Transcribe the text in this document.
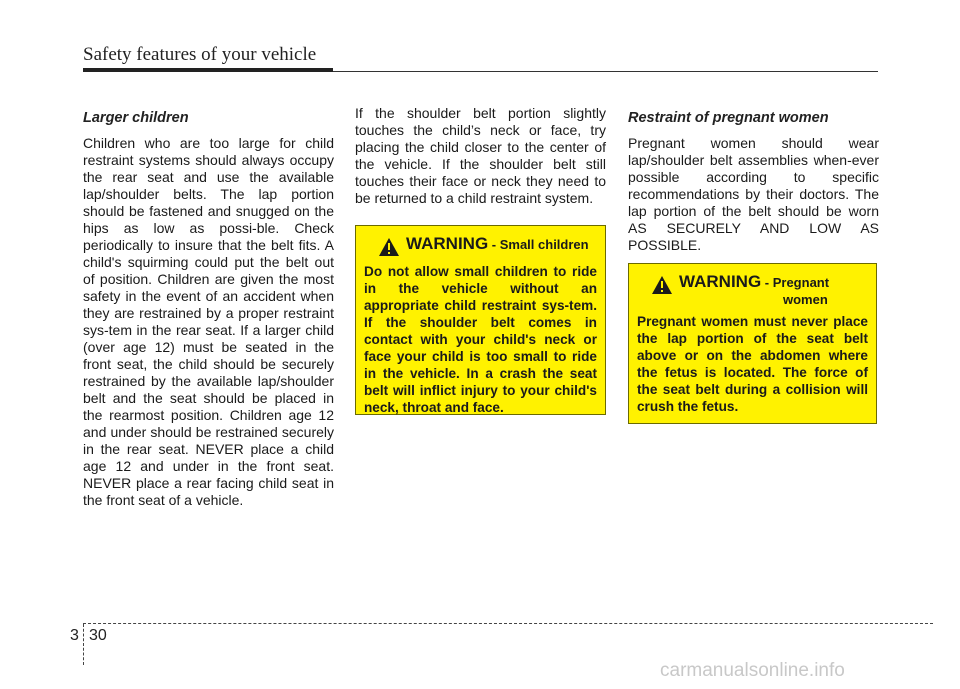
Safety features of your vehicle
Larger children

Children who are too large for child restraint systems should always occupy the rear seat and use the available lap/shoulder belts. The lap portion should be fastened and snugged on the hips as low as possi-ble. Check periodically to insure that the belt fits. A child's squirming could put the belt out of position. Children are given the most safety in the event of an accident when they are restrained by a proper restraint sys-tem in the rear seat. If a larger child (over age 12) must be seated in the front seat, the child should be securely restrained by the available lap/shoulder belt and the seat should be placed in the rearmost position. Children age 12 and under should be restrained securely in the rear seat. NEVER place a child age 12 and under in the front seat. NEVER place a rear facing child seat in the front seat of a vehicle.

If the shoulder belt portion slightly touches the child’s neck or face, try placing the child closer to the center of the vehicle. If the shoulder belt still touches their face or neck they need to be returned to a child restraint system.

WARNING - Small children

Do not allow small children to ride in the vehicle without an appropriate child restraint sys-tem. If the shoulder belt comes in contact with your child's neck or face your child is too small to ride in the vehicle. In a crash the seat belt will inflict injury to your child's neck, throat and face.

Restraint of pregnant women

Pregnant women should wear lap/shoulder belt assemblies when-ever possible according to specific recommendations by their doctors. The lap portion of the belt should be worn AS SECURELY AND LOW AS POSSIBLE.

WARNING - Pregnant
women

Pregnant women must never place the lap portion of the seat belt above or on the abdomen where the fetus is located. The force of the seat belt during a collision will crush the fetus.

3 30
carmanualsonline.info
